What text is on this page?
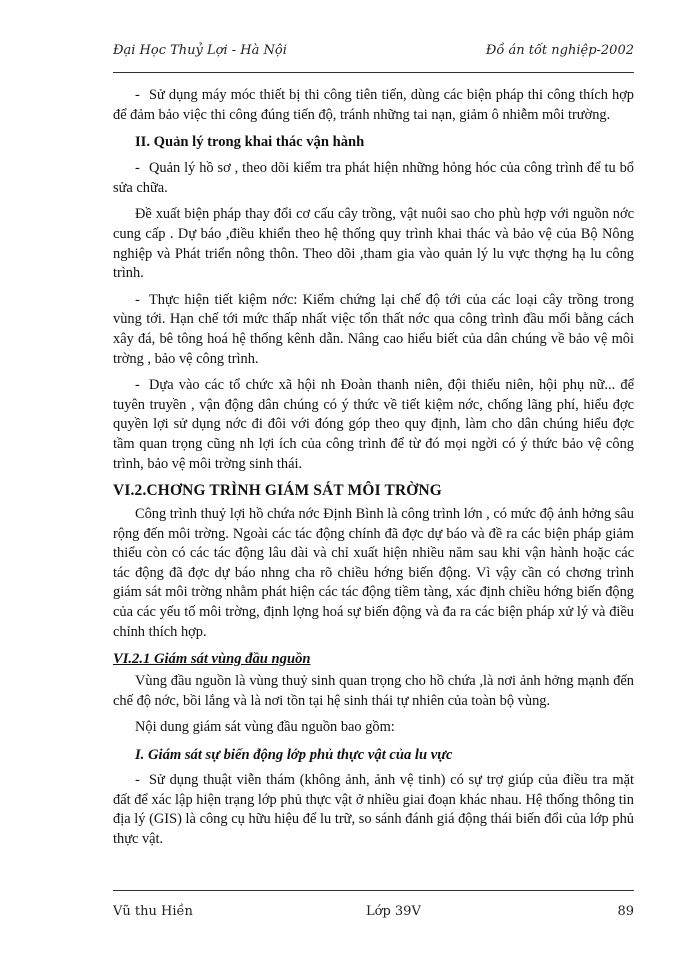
Đại Học Thuỷ Lợi - Hà Nội	Đồ án tốt nghiệp-2002

- Sử dụng máy móc thiết bị thi công tiên tiến, dùng các biện pháp thi công thích hợp để đảm bảo việc thi công đúng tiến độ, tránh những tai nạn, giảm ô nhiễm môi trường.

II. Quản lý trong khai thác vận hành

- Quản lý hồ sơ , theo dõi kiểm tra phát hiện những hỏng hóc của công trình để tu bổ sửa chữa.

Đề xuất biện pháp thay đổi cơ cấu cây trồng, vật nuôi sao cho phù hợp với nguồn nớc cung cấp . Dự báo ,điều khiển theo hệ thống quy trình khai thác và bảo vệ của Bộ Nông nghiệp và Phát triển nông thôn. Theo dõi ,tham gia vào quản lý lu vực thợng hạ lu công trình.

- Thực hiện tiết kiệm nớc: Kiểm chứng lại chế độ tới của các loại cây trồng trong vùng tới. Hạn chế tới mức thấp nhất việc tổn thất nớc qua công trình đầu mối bằng cách xây đá, bê tông hoá hệ thống kênh dẫn. Nâng cao hiểu biết của dân chúng về bảo vệ môi trờng , bảo vệ công trình.

- Dựa vào các tổ chức xã hội nh Đoàn thanh niên, đội thiếu niên, hội phụ nữ... để tuyên truyền , vận động dân chúng có ý thức về tiết kiệm nớc, chống lãng phí, hiểu đợc quyền lợi sử dụng nớc đi đôi với đóng góp theo quy định, làm cho dân chúng hiểu đợc tầm quan trọng cũng nh lợi ích của công trình để từ đó mọi ngời có ý thức bảo vệ công trình, bảo vệ môi trờng sinh thái.

VI.2.CHƠNG TRÌNH GIÁM SÁT MÔI TRỜNG

Công trình thuỷ lợi hồ chứa nớc Định Bình là công trình lớn , có mức độ ảnh hởng sâu rộng đến môi trờng. Ngoài các tác động chính đã đợc dự báo và đề ra các biện pháp giảm thiểu còn có các tác động lâu dài và chỉ xuất hiện nhiều năm sau khi vận hành hoặc các tác động đã đợc dự báo nhng cha rõ chiều hớng biến động. Vì vậy cần có chơng trình giám sát môi trờng nhằm phát hiện các tác động tiềm tàng, xác định chiều hớng biến động của các yếu tố môi trờng, định lợng hoá sự biến động và đa ra các biện pháp xử lý và điều chỉnh thích hợp.

VI.2.1 Giám sát vùng đầu nguồn

Vùng đầu nguồn là vùng thuỷ sinh quan trọng cho hồ chứa ,là nơi ảnh hởng mạnh đến chế độ nớc, bồi lắng và là nơi tồn tại hệ sinh thái tự nhiên của toàn bộ vùng.

Nội dung giám sát vùng đầu nguồn bao gồm:

I. Giám sát sự biến động lớp phủ thực vật của lu vực

- Sử dụng thuật viễn thám (không ảnh, ảnh vệ tinh) có sự trợ giúp của điều tra mặt đất để xác lập hiện trạng lớp phủ thực vật ở nhiều giai đoạn khác nhau. Hệ thống thông tin địa lý (GIS) là công cụ hữu hiệu để lu trữ, so sánh đánh giá động thái biến đổi của lớp phủ thực vật.

Vũ thu Hiền	Lớp 39V	89
